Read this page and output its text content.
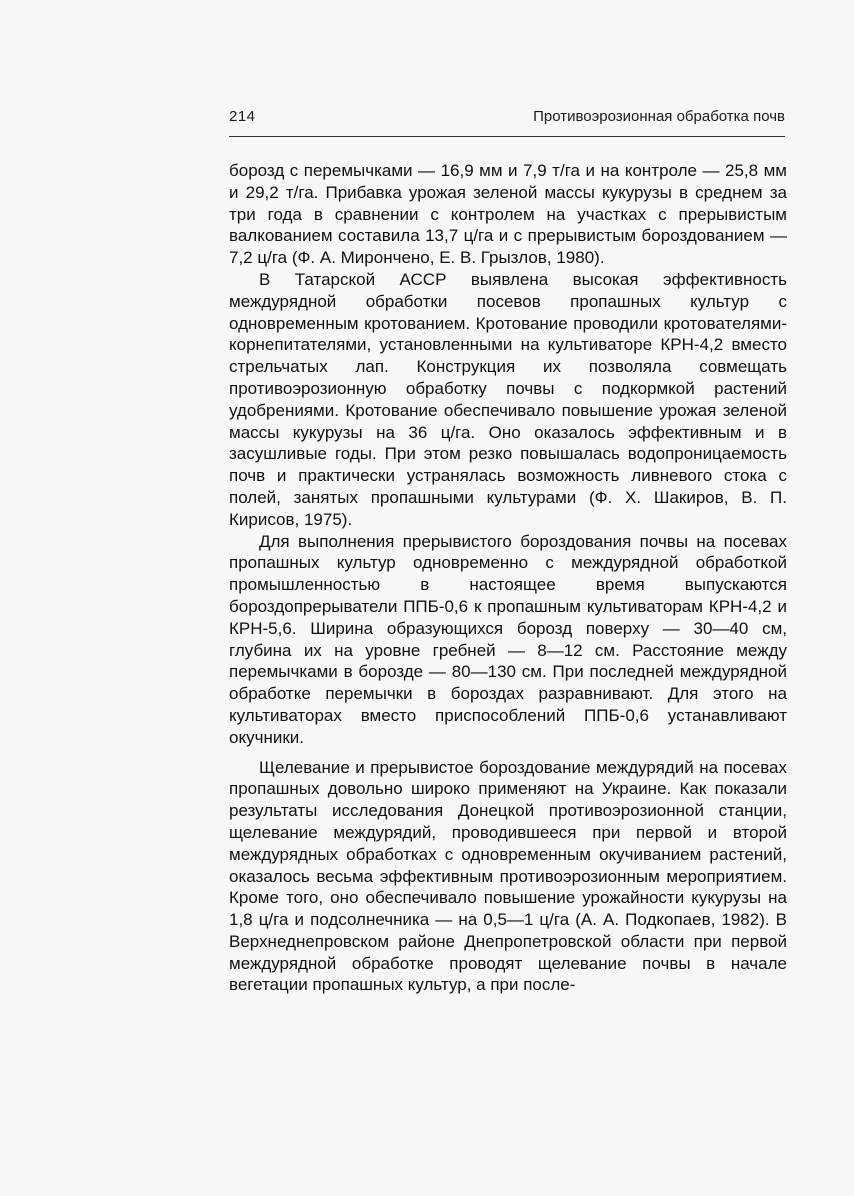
214	Противоэрозионная обработка почв

борозд с перемычками — 16,9 мм и 7,9 т/га и на контроле — 25,8 мм и 29,2 т/га. Прибавка урожая зеленой массы кукурузы в среднем за три года в сравнении с контролем на участках с прерывистым валкованием составила 13,7 ц/га и с прерывистым бороздованием — 7,2 ц/га (Ф. А. Мирончено, Е. В. Грызлов, 1980).

В Татарской АССР выявлена высокая эффективность междурядной обработки посевов пропашных культур с одновременным кротованием. Кротование проводили кротователями-корнепитателями, установленными на культиваторе КРН-4,2 вместо стрельчатых лап. Конструкция их позволяла совмещать противоэрозионную обработку почвы с подкормкой растений удобрениями. Кротование обеспечивало повышение урожая зеленой массы кукурузы на 36 ц/га. Оно оказалось эффективным и в засушливые годы. При этом резко повышалась водопроницаемость почв и практически устранялась возможность ливневого стока с полей, занятых пропашными культурами (Ф. Х. Шакиров, В. П. Кирисов, 1975).

Для выполнения прерывистого бороздования почвы на посевах пропашных культур одновременно с междурядной обработкой промышленностью в настоящее время выпускаются бороздопрерыватели ППБ-0,6 к пропашным культиваторам КРН-4,2 и КРН-5,6. Ширина образующихся борозд поверху — 30—40 см, глубина их на уровне гребней — 8—12 см. Расстояние между перемычками в борозде — 80—130 см. При последней междурядной обработке перемычки в бороздах разравнивают. Для этого на культиваторах вместо приспособлений ППБ-0,6 устанавливают окучники.

Щелевание и прерывистое бороздование междурядий на посевах пропашных довольно широко применяют на Украине. Как показали результаты исследования Донецкой противоэрозионной станции, щелевание междурядий, проводившееся при первой и второй междурядных обработках с одновременным окучиванием растений, оказалось весьма эффективным противоэрозионным мероприятием. Кроме того, оно обеспечивало повышение урожайности кукурузы на 1,8 ц/га и подсолнечника — на 0,5—1 ц/га (А. А. Подкопаев, 1982). В Верхнеднепровском районе Днепропетровской области при первой междурядной обработке проводят щелевание почвы в начале вегетации пропашных культур, а при после-
